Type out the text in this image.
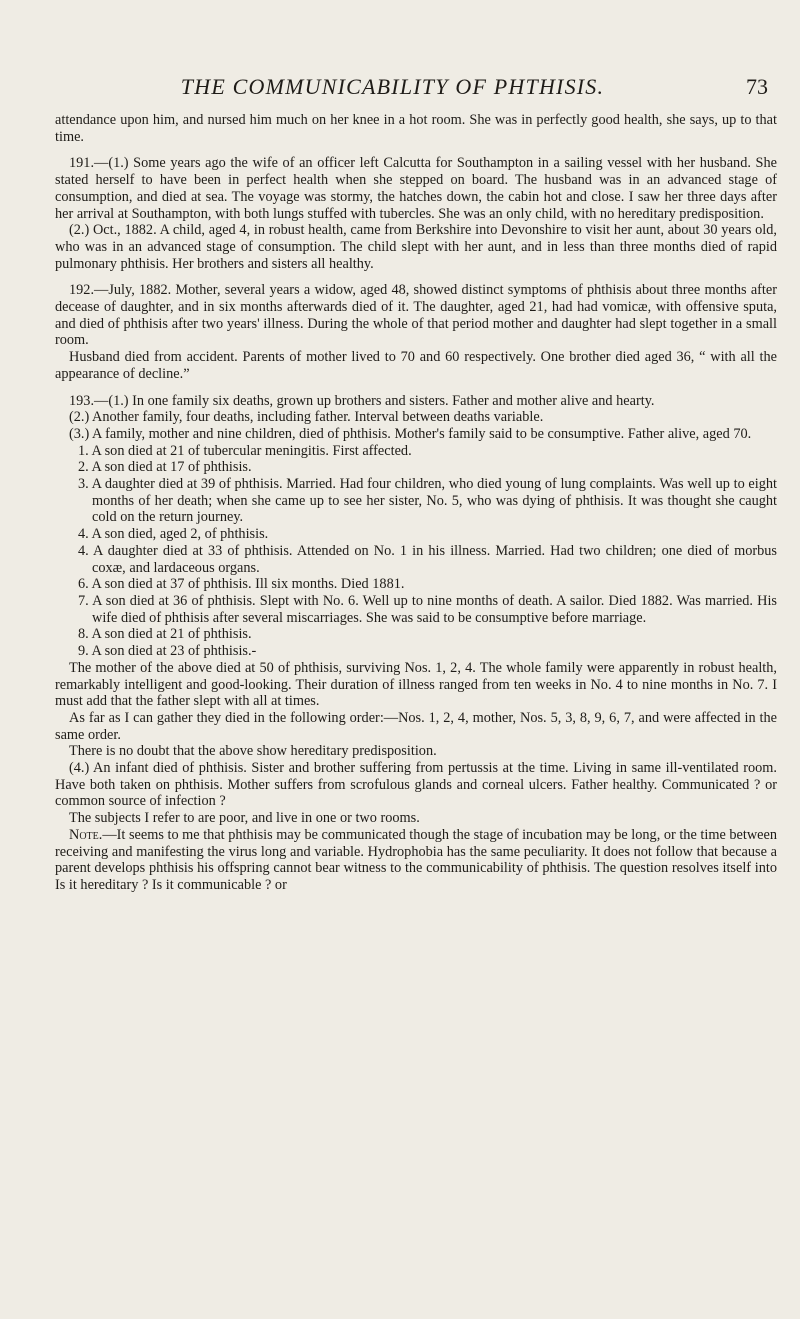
THE COMMUNICABILITY OF PHTHISIS.	73

attendance upon him, and nursed him much on her knee in a hot room. She was in perfectly good health, she says, up to that time.

191.—(1.) Some years ago the wife of an officer left Calcutta for Southampton in a sailing vessel with her husband. She stated herself to have been in perfect health when she stepped on board. The husband was in an advanced stage of consumption, and died at sea. The voyage was stormy, the hatches down, the cabin hot and close. I saw her three days after her arrival at Southampton, with both lungs stuffed with tubercles. She was an only child, with no hereditary predisposition.

(2.) Oct., 1882. A child, aged 4, in robust health, came from Berkshire into Devonshire to visit her aunt, about 30 years old, who was in an advanced stage of consumption. The child slept with her aunt, and in less than three months died of rapid pulmonary phthisis. Her brothers and sisters all healthy.

192.—July, 1882. Mother, several years a widow, aged 48, showed distinct symptoms of phthisis about three months after decease of daughter, and in six months afterwards died of it. The daughter, aged 21, had had vomicæ, with offensive sputa, and died of phthisis after two years' illness. During the whole of that period mother and daughter had slept together in a small room.

Husband died from accident. Parents of mother lived to 70 and 60 respectively. One brother died aged 36, “ with all the appearance of decline.”

193.—(1.) In one family six deaths, grown up brothers and sisters. Father and mother alive and hearty.

(2.) Another family, four deaths, including father. Interval between deaths variable.

(3.) A family, mother and nine children, died of phthisis. Mother's family said to be consumptive. Father alive, aged 70.

1. A son died at 21 of tubercular meningitis. First affected.

2. A son died at 17 of phthisis.

3. A daughter died at 39 of phthisis. Married. Had four children, who died young of lung complaints. Was well up to eight months of her death; when she came up to see her sister, No. 5, who was dying of phthisis. It was thought she caught cold on the return journey.

4. A son died, aged 2, of phthisis.

4. A daughter died at 33 of phthisis. Attended on No. 1 in his illness. Married. Had two children; one died of morbus coxæ, and lardaceous organs.

6. A son died at 37 of phthisis. Ill six months. Died 1881.

7. A son died at 36 of phthisis. Slept with No. 6. Well up to nine months of death. A sailor. Died 1882. Was married. His wife died of phthisis after several miscarriages. She was said to be consumptive before marriage.

8. A son died at 21 of phthisis.

9. A son died at 23 of phthisis.-

The mother of the above died at 50 of phthisis, surviving Nos. 1, 2, 4. The whole family were apparently in robust health, remarkably intelligent and good-looking. Their duration of illness ranged from ten weeks in No. 4 to nine months in No. 7. I must add that the father slept with all at times.

As far as I can gather they died in the following order:—Nos. 1, 2, 4, mother, Nos. 5, 3, 8, 9, 6, 7, and were affected in the same order.

There is no doubt that the above show hereditary predisposition.

(4.) An infant died of phthisis. Sister and brother suffering from pertussis at the time. Living in same ill-ventilated room. Have both taken on phthisis. Mother suffers from scrofulous glands and corneal ulcers. Father healthy. Communicated ? or common source of infection ?

The subjects I refer to are poor, and live in one or two rooms.

Note.—It seems to me that phthisis may be communicated though the stage of incubation may be long, or the time between receiving and manifesting the virus long and variable. Hydrophobia has the same peculiarity. It does not follow that because a parent develops phthisis his offspring cannot bear witness to the communicability of phthisis. The question resolves itself into Is it hereditary ? Is it communicable ? or
